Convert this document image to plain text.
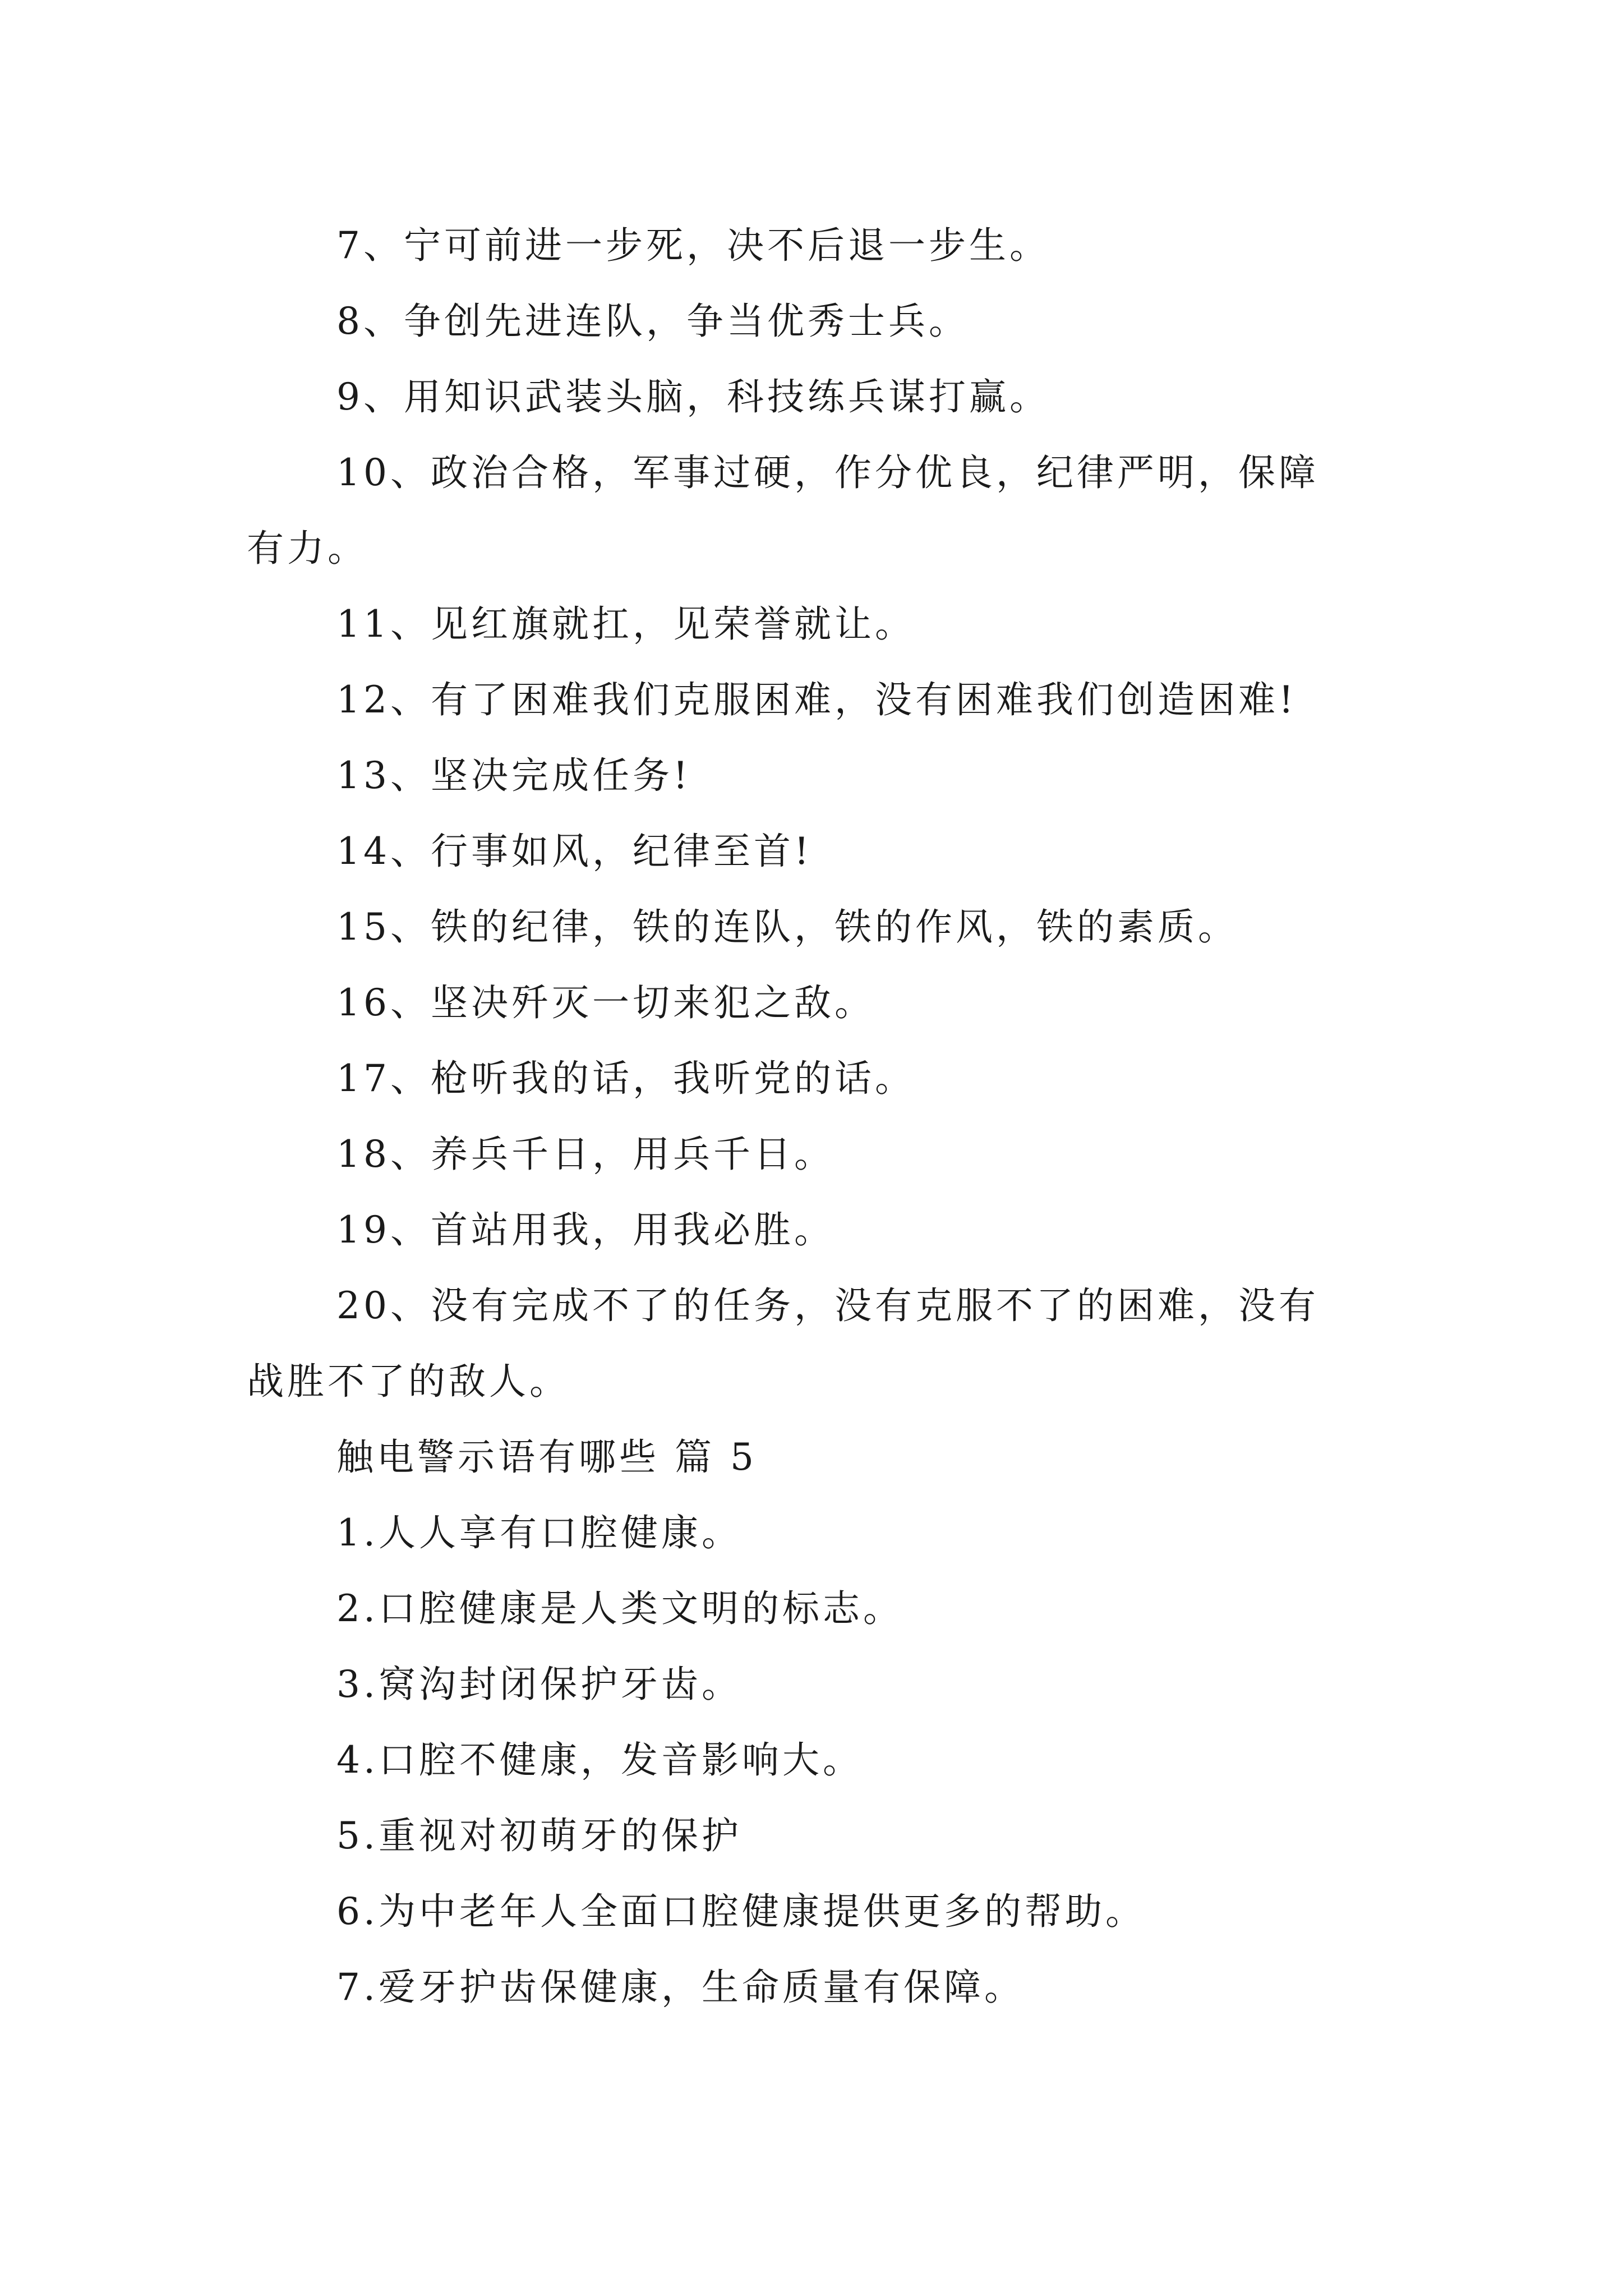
7、宁可前进一步死，决不后退一步生。
8、争创先进连队，争当优秀士兵。
9、用知识武装头脑，科技练兵谋打赢。
10、政治合格，军事过硬，作分优良，纪律严明，保障
有力。
11、见红旗就扛，见荣誉就让。
12、有了困难我们克服困难，没有困难我们创造困难!
13、坚决完成任务!
14、行事如风，纪律至首!
15、铁的纪律，铁的连队，铁的作风，铁的素质。
16、坚决歼灭一切来犯之敌。
17、枪听我的话，我听党的话。
18、养兵千日，用兵千日。
19、首站用我，用我必胜。
20、没有完成不了的任务，没有克服不了的困难，没有
战胜不了的敌人。
触电警示语有哪些 篇 5
1.人人享有口腔健康。
2.口腔健康是人类文明的标志。
3.窝沟封闭保护牙齿。
4.口腔不健康，发音影响大。
5.重视对初萌牙的保护
6.为中老年人全面口腔健康提供更多的帮助。
7.爱牙护齿保健康，生命质量有保障。
